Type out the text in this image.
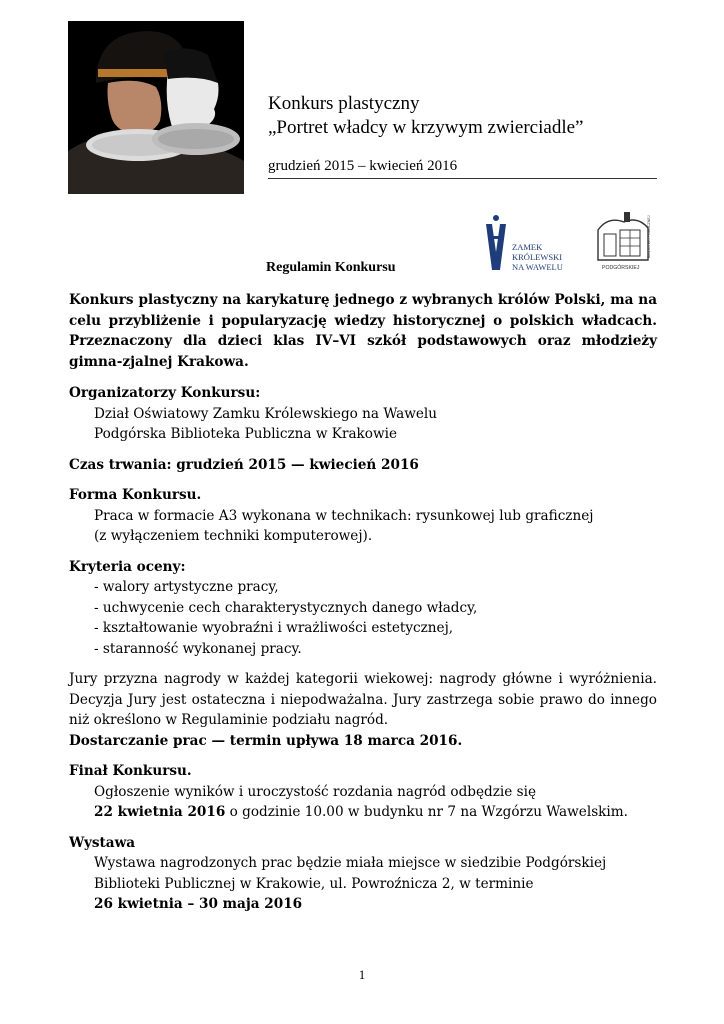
Konkurs plastyczny
„Portret władcy w krzywym zwierciadle”
grudzień 2015 – kwiecień 2016
ZAMEK
KRÓLEWSKI
NA WAWELU
BIBLIOTEKI PUBLICZNEJ
PODGÓRSKIEJ
Regulamin Konkursu

Konkurs plastyczny na karykaturę jednego z wybranych królów Polski, ma na celu przybliżenie i popularyzację wiedzy historycznej o polskich władcach. Przeznaczony dla dzieci klas IV–VI szkół podstawowych oraz młodzieży gimna-zjalnej Krakowa.

Organizatorzy Konkursu:
Dział Oświatowy Zamku Królewskiego na Wawelu
Podgórska Biblioteka Publiczna w Krakowie
Czas trwania: grudzień 2015 — kwiecień 2016
Forma Konkursu.
Praca w formacie A3 wykonana w technikach: rysunkowej lub graficznej
(z wyłączeniem techniki komputerowej).
Kryteria oceny:
- walory artystyczne pracy,
- uchwycenie cech charakterystycznych danego władcy,
- kształtowanie wyobraźni i wrażliwości estetycznej,
- staranność wykonanej pracy.

Jury przyzna nagrody w każdej kategorii wiekowej: nagrody główne i wyróżnienia. Decyzja Jury jest ostateczna i niepodważalna. Jury zastrzega sobie prawo do innego niż określono w Regulaminie podziału nagród.

Dostarczanie prac — termin upływa 18 marca 2016.
Finał Konkursu.
Ogłoszenie wyników i uroczystość rozdania nagród odbędzie się
22 kwietnia 2016 o godzinie 10.00 w budynku nr 7 na Wzgórzu Wawelskim.
Wystawa
Wystawa nagrodzonych prac będzie miała miejsce w siedzibie Podgórskiej
Biblioteki Publicznej w Krakowie, ul. Powroźnicza 2, w terminie
26 kwietnia – 30 maja 2016
1
